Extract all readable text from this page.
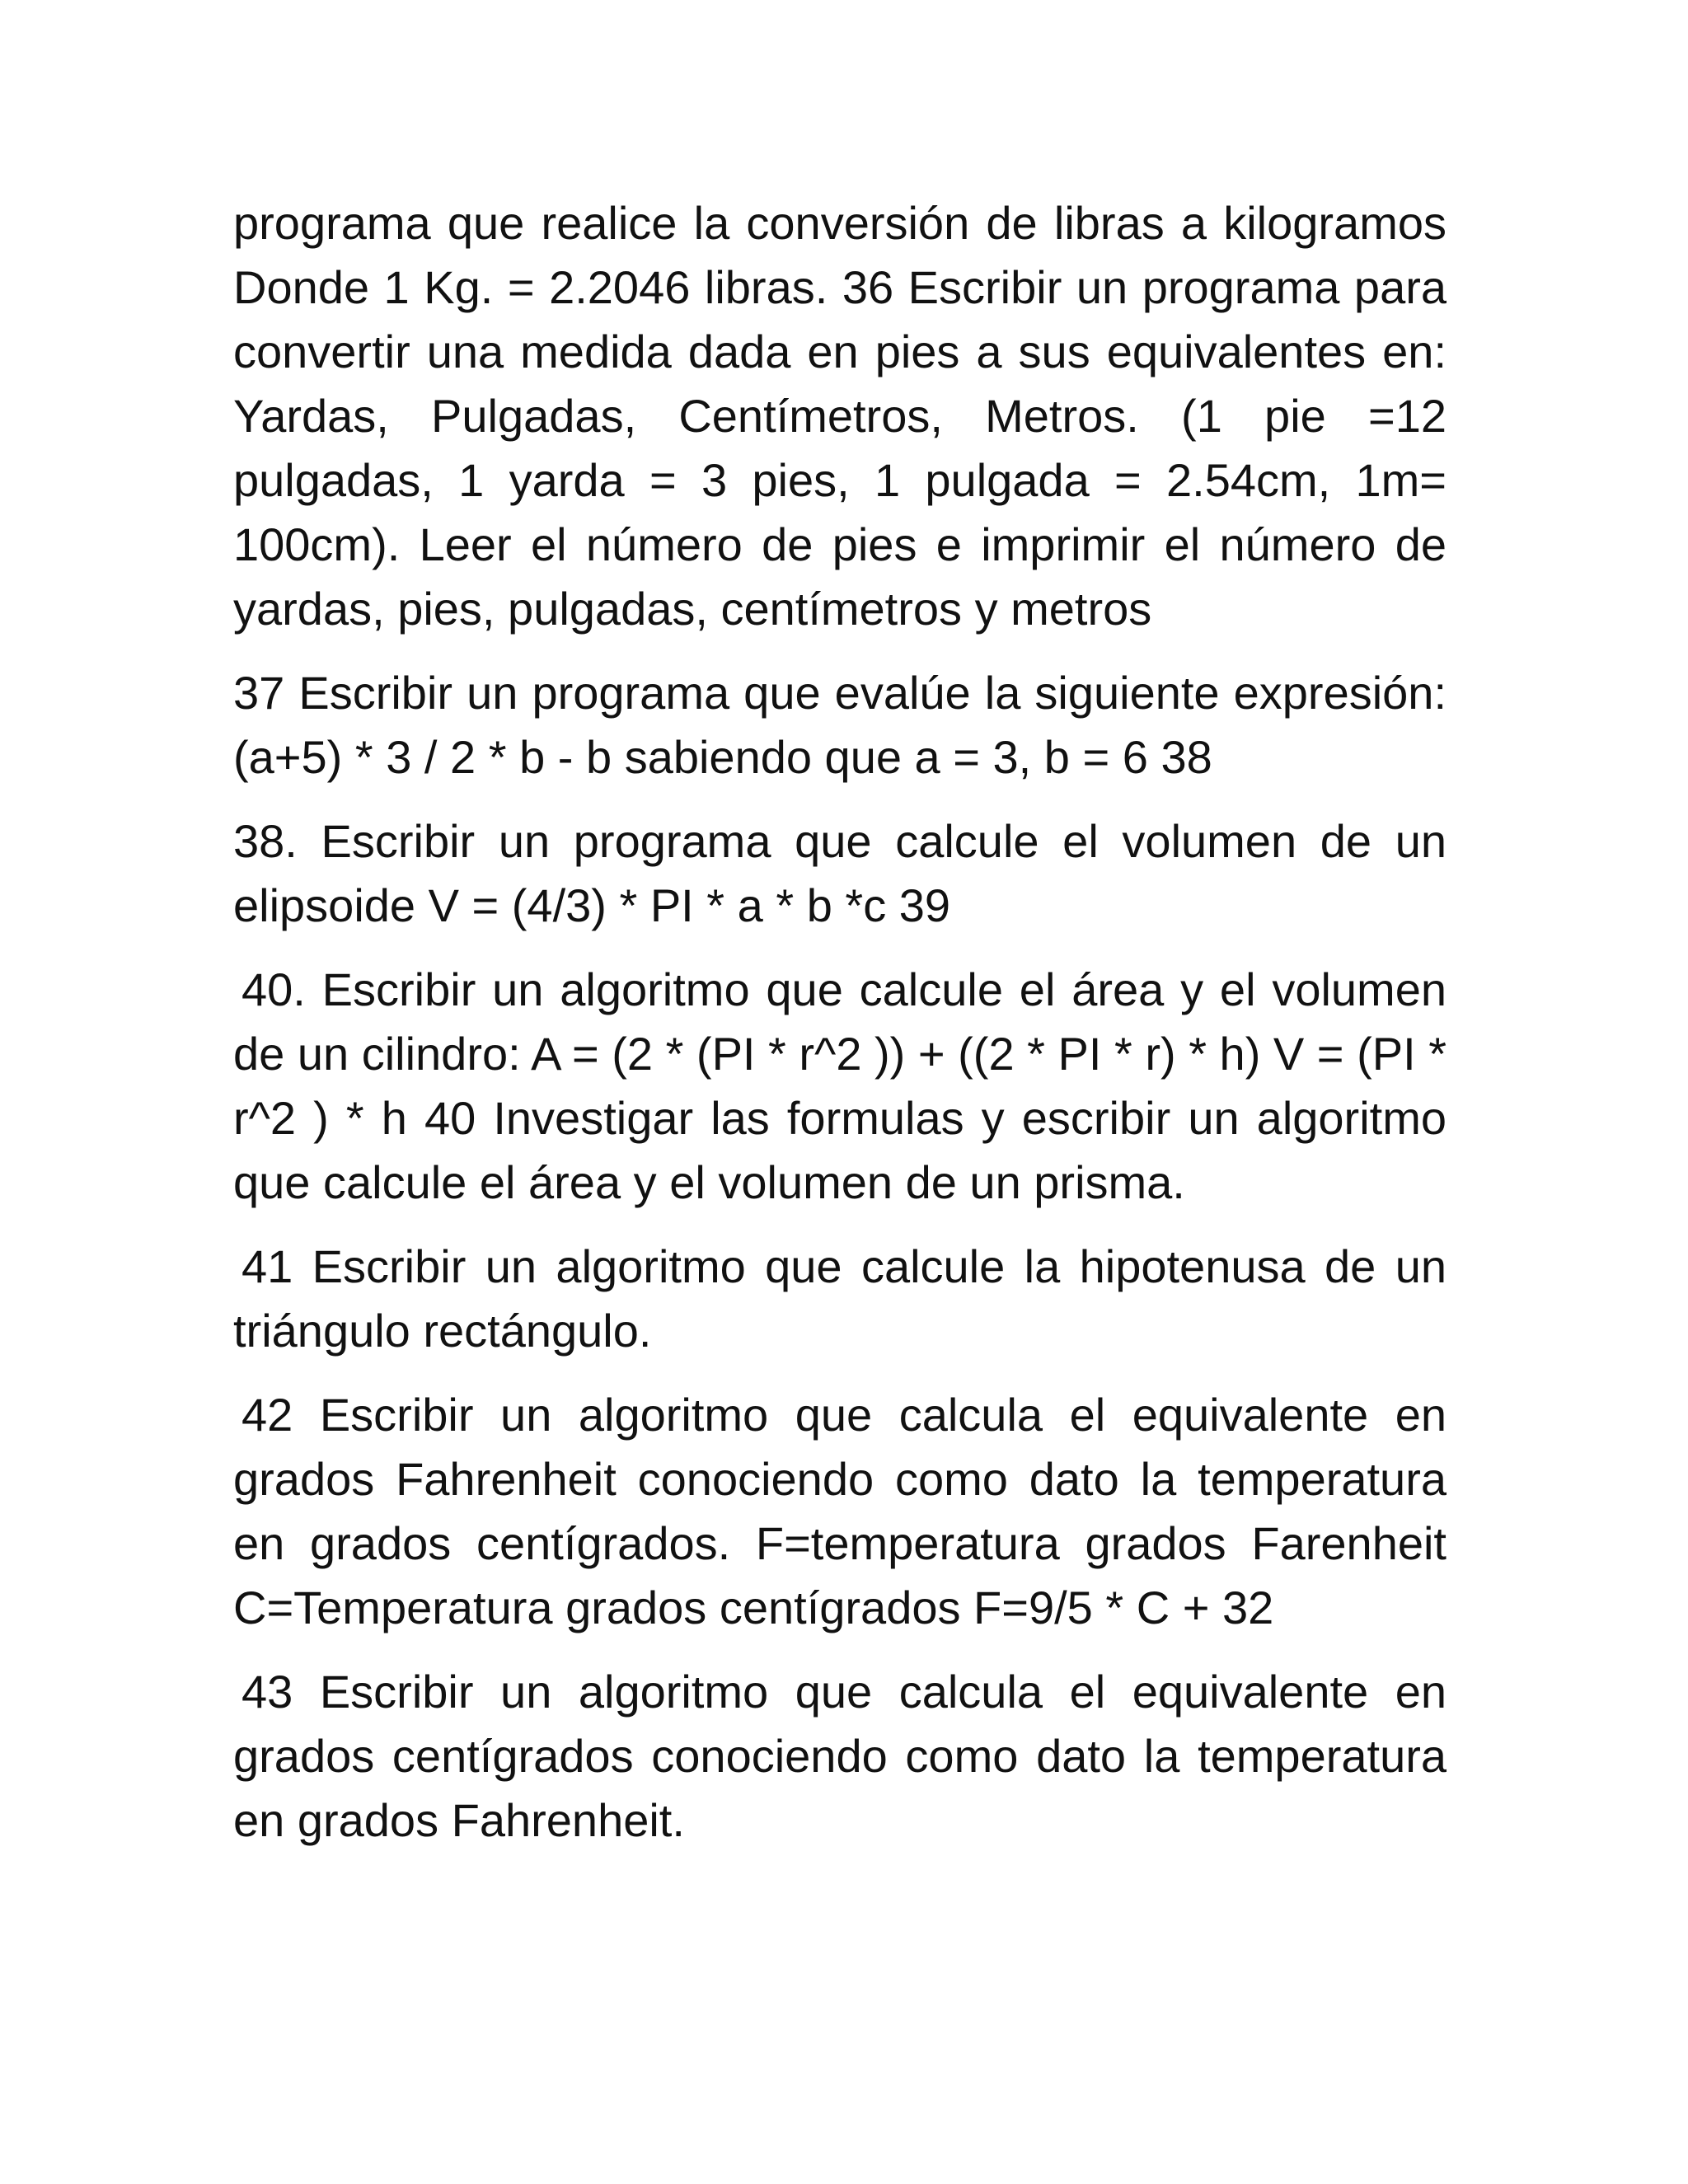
programa que realice la conversión de libras a kilogramos Donde 1 Kg. = 2.2046 libras. 36 Escribir un programa para convertir una medida dada en pies a sus equivalentes en: Yardas, Pulgadas, Centímetros, Metros. (1 pie =12 pulgadas, 1 yarda = 3 pies, 1 pulgada = 2.54cm, 1m= 100cm). Leer el número de pies e imprimir el número de yardas, pies, pulgadas, centímetros y metros

37 Escribir un programa que evalúe la siguiente expresión: (a+5) * 3 / 2 * b - b sabiendo que a = 3, b = 6 38

38. Escribir un programa que calcule el volumen de un elipsoide V = (4/3) * PI * a * b *c 39

40. Escribir un algoritmo que calcule el área y el volumen de un cilindro: A = (2 * (PI * r^2 )) + ((2 * PI * r) * h) V = (PI * r^2 ) * h 40 Investigar las formulas y escribir un algoritmo que calcule el área y el volumen de un prisma.

41 Escribir un algoritmo que calcule la hipotenusa de un triángulo rectángulo.

42 Escribir un algoritmo que calcula el equivalente en grados Fahrenheit conociendo como dato la temperatura en grados centígrados. F=temperatura grados Farenheit C=Temperatura grados centígrados F=9/5 * C + 32

43 Escribir un algoritmo que calcula el equivalente en grados centígrados conociendo como dato la temperatura en grados Fahrenheit.
